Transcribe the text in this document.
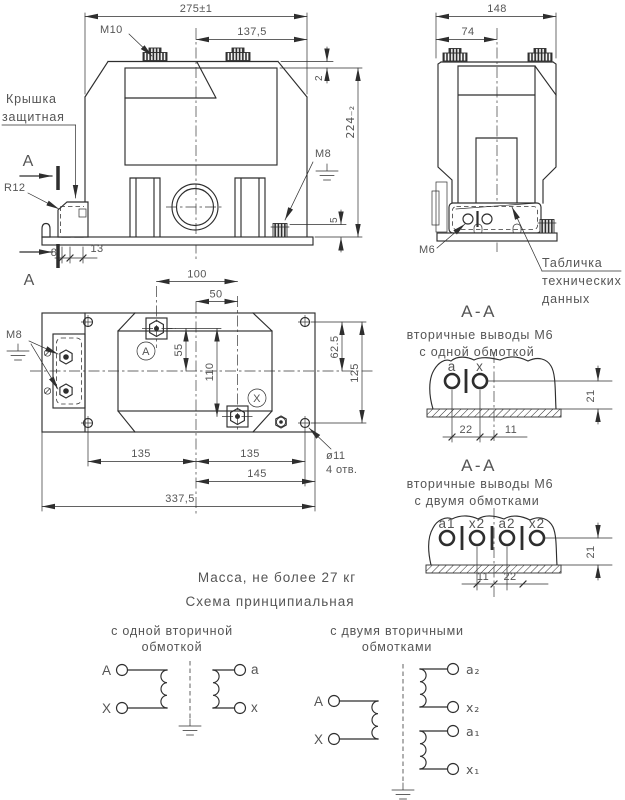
275±1
137,5
M10
Крышка
защитная
A
A
R12
8	13
2
224₋₂
M8
5
148
74
M6
Табличка
технических
данных
A
X
M8
100
50
55
110
62.5
125
135	135
145
337,5
ø11
4 отв.
A-A
вторичные выводы М6
с одной обмоткой
a x
21
22	11
A-A
вторичные выводы М6
с двумя обмотками
a1 x2 a2 x2
21
11 22
Масса, не более 27 кг
Схема принципиальная
с одной вторичной
обмоткой
A
X
a
x
с двумя вторичными
обмотками
A
X
a₂
x₂
a₁
x₁
